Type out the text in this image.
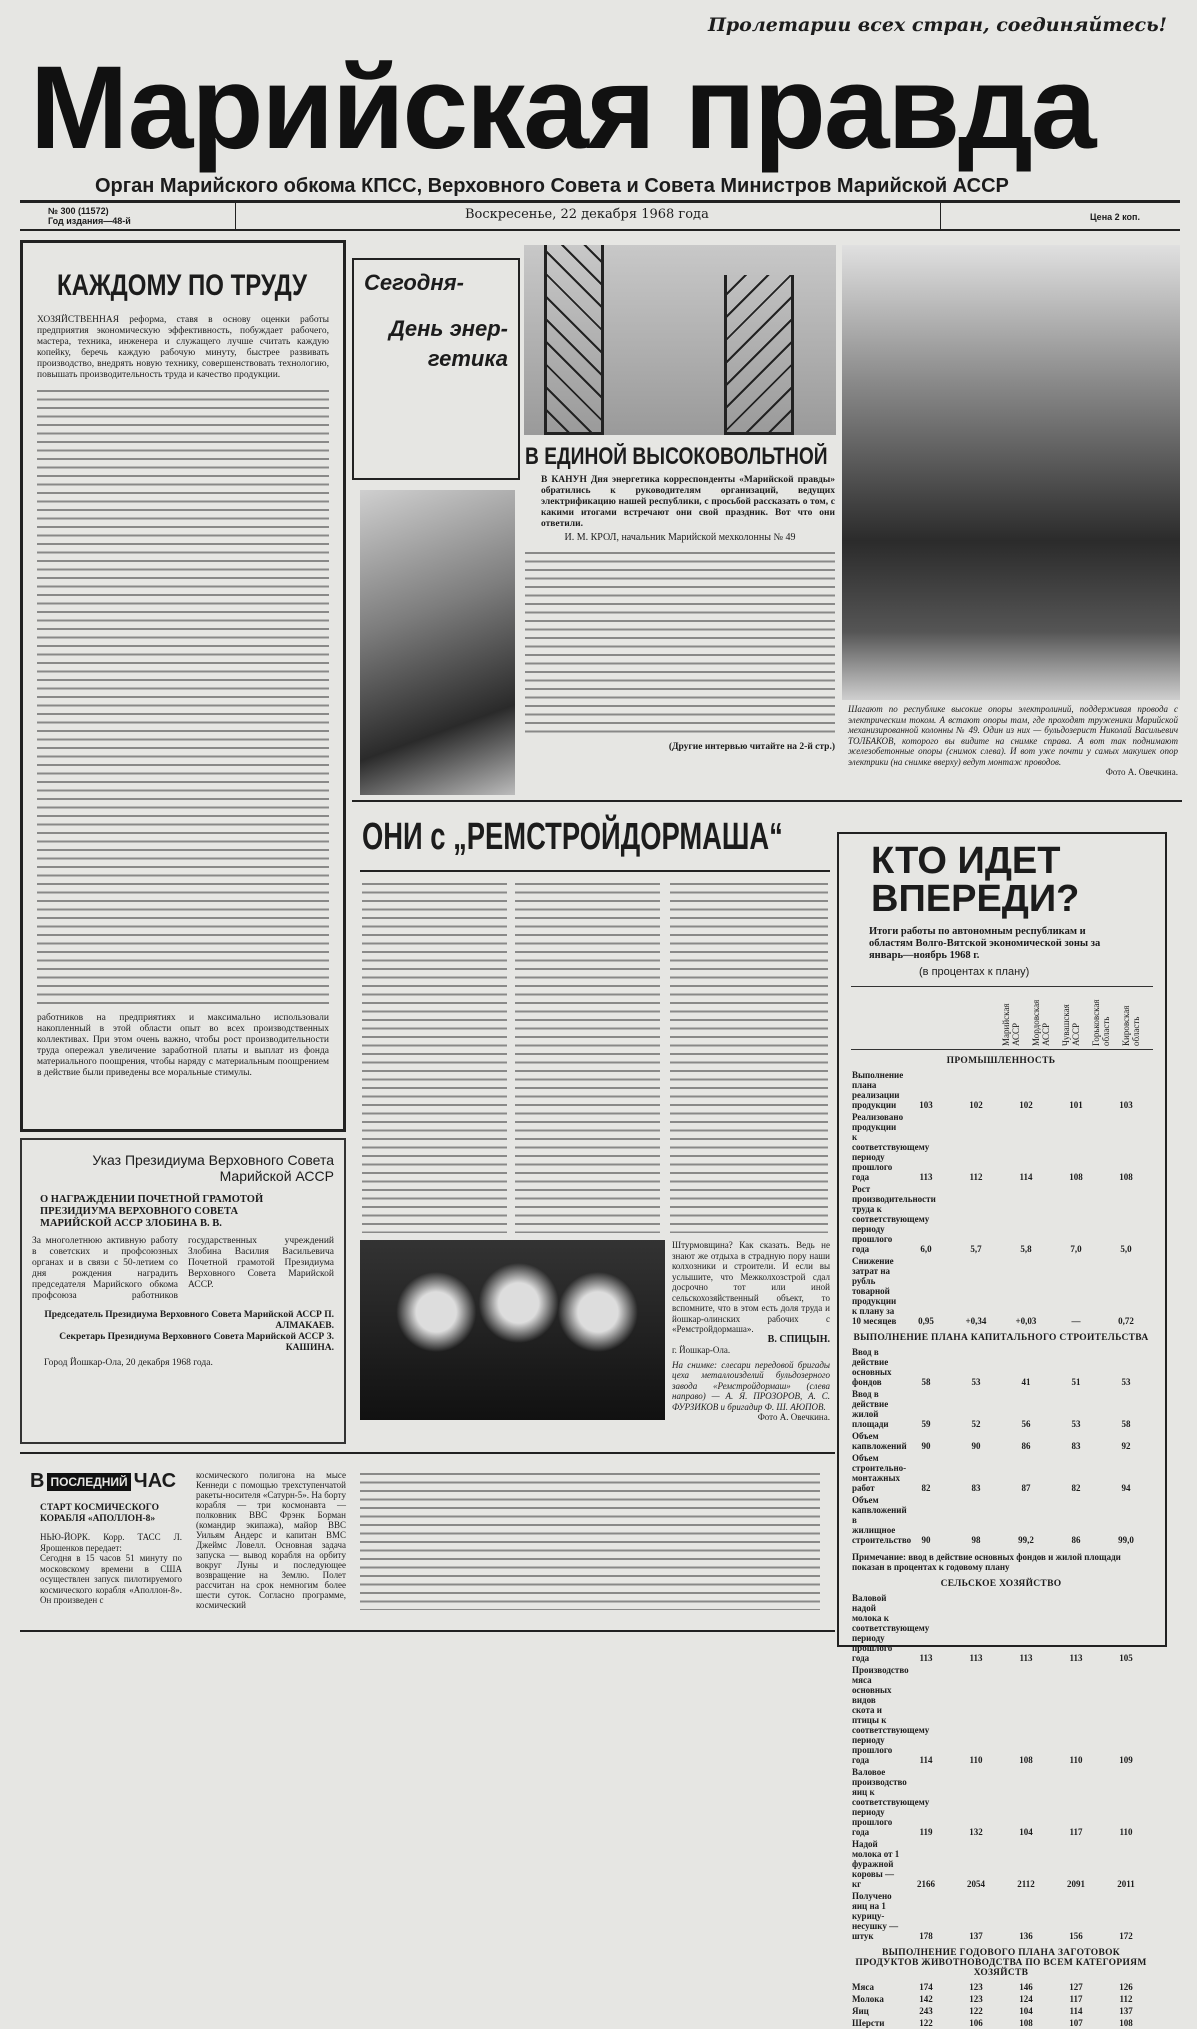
Пролетарии всех стран, соединяйтесь!
Марийская правда
Орган Марийского обкома КПСС, Верховного Совета и Совета Министров Марийской АССР
№ 300 (11572)
Год издания—48-й	Воскресенье, 22 декабря 1968 года	Цена 2 коп.
КАЖДОМУ ПО ТРУДУ
ХОЗЯЙСТВЕННАЯ реформа, ставя в основу оценки работы предприятия экономическую эффективность, побуждает рабочего, мастера, техника, инженера и служащего лучше считать каждую копейку, беречь каждую рабочую минуту, быстрее развивать производство, внедрять новую технику, совершенствовать технологию, повышать производительность труда и качество продукции.
работников на предприятиях и максимально использовали накопленный в этой области опыт во всех производственных коллективах. При этом очень важно, чтобы рост производительности труда опережал увеличение заработной платы и выплат из фонда материального поощрения, чтобы наряду с материальным поощрением в действие были приведены все моральные стимулы.
Указ Президиума Верховного Совета
Марийской АССР
О НАГРАЖДЕНИИ ПОЧЕТНОЙ ГРАМОТОЙ ПРЕЗИДИУМА ВЕРХОВНОГО СОВЕТА МАРИЙСКОЙ АССР ЗЛОБИНА В. В.
За многолетнюю активную работу в советских и профсоюзных органах и в связи с 50-летием со дня рождения наградить председателя Марийского обкома профсоюза работников государственных учреждений Злобина Василия Васильевича Почетной грамотой Президиума Верховного Совета Марийской АССР.
Председатель Президиума Верховного Совета Марийской АССР П. АЛМАКАЕВ.
Секретарь Президиума Верховного Совета Марийской АССР З. КАШИНА.
Город Йошкар-Ола, 20 декабря 1968 года.
Сегодня-
День энер-гетика
В ЕДИНОЙ ВЫСОКОВОЛЬТНОЙ
В КАНУН Дня энергетика корреспонденты «Марийской правды» обратились к руководителям организаций, ведущих электрификацию нашей республики, с просьбой рассказать о том, с какими итогами встречают они свой праздник. Вот что они ответили.
И. М. КРОЛ, начальник Марийской мехколонны № 49
(Другие интервью читайте на 2-й стр.)
Шагают по республике высокие опоры электролиний, поддерживая провода с электрическим током. А встают опоры там, где проходят труженики Марийской механизированной колонны № 49. Один из них — бульдозерист Николай Васильевич ТОЛБАКОВ, которого вы видите на снимке справа. А вот так поднимают железобетонные опоры (снимок слева). И вот уже почти у самых макушек опор электрики (на снимке вверху) ведут монтаж проводов.
Фото А. Овечкина.
ОНИ с „РЕМСТРОЙДОРМАША“
Штурмовщина? Как сказать. Ведь не знают же отдыха в страдную пору наши колхозники и строители. И если вы услышите, что Межколхозстрой сдал досрочно тот или иной сельскохозяйственный объект, то вспомните, что в этом есть доля труда и йошкар-олинских рабочих с «Ремстройдормаша».
В. СПИЦЫН.
г. Йошкар-Ола.
На снимке: слесари передовой бригады цеха металлоизделий бульдозерного завода «Ремстройдормаш» (слева направо) — А. Я. ПРОЗОРОВ, А. С. ФУРЗИКОВ и бригадир Ф. Ш. АЮПОВ.
Фото А. Овечкина.
КТО ИДЕТ ВПЕРЕДИ?
Итоги работы по автономным республикам и областям Волго-Вятской экономической зоны за январь—ноябрь 1968 г.
(в процентах к плану)
Марийская АССР	Мордовская АССР	Чувашская АССР	Горьковская область	Кировская область
ПРОМЫШЛЕННОСТЬ					
Выполнение плана реализации продукции	103	102	102	101	103
Реализовано продукции к соответствующему периоду прошлого года	113	112	114	108	108
Рост производительности труда к соответствующему периоду прошлого года	6,0	5,7	5,8	7,0	5,0
Снижение затрат на рубль товарной продукции к плану за 10 месяцев	0,95	+0,34	+0,03	—	0,72
ВЫПОЛНЕНИЕ ПЛАНА КАПИТАЛЬНОГО СТРОИТЕЛЬСТВА					
Ввод в действие основных фондов	58	53	41	51	53
Ввод в действие жилой площади	59	52	56	53	58
Объем капвложений	90	90	86	83	92
Объем строительно-монтажных работ	82	83	87	82	94
Объем капвложений в жилищное строительство	90	98	99,2	86	99,0
Примечание: ввод в действие основных фондов и жилой площади показан в процентах к годовому плану					
СЕЛЬСКОЕ ХОЗЯЙСТВО					
Валовой надой молока к соответствующему периоду прошлого года	113	113	113	113	105
Производство мяса основных видов скота и птицы к соответствующему периоду прошлого года	114	110	108	110	109
Валовое производство яиц к соответствующему периоду прошлого года	119	132	104	117	110
Надой молока от 1 фуражной коровы — кг	2166	2054	2112	2091	2011
Получено яиц на 1 курицу-несушку — штук	178	137	136	156	172
ВЫПОЛНЕНИЕ ГОДОВОГО ПЛАНА ЗАГОТОВОК ПРОДУКТОВ ЖИВОТНОВОДСТВА ПО ВСЕМ КАТЕГОРИЯМ ХОЗЯЙСТВ					
Мяса	174	123	146	127	126
Молока	142	123	124	117	112
Яиц	243	122	104	114	137
Шерсти	122	106	108	107	108
В ПОСЛЕДНИЙ ЧАС
СТАРТ КОСМИЧЕСКОГО КОРАБЛЯ «АПОЛЛОН-8»
НЬЮ-ЙОРК. Корр. ТАСС Л. Ярошенков передает:
Сегодня в 15 часов 51 минуту по московскому времени в США осуществлен запуск пилотируемого космического корабля «Аполлон-8». Он произведен с
космического полигона на мысе Кеннеди с помощью трехступенчатой ракеты-носителя «Сатурн-5». На борту корабля — три космонавта — полковник ВВС Фрэнк Борман (командир экипажа), майор ВВС Уильям Андерс и капитан ВМС Джеймс Ловелл. Основная задача запуска — вывод корабля на орбиту вокруг Луны и последующее возвращение на Землю. Полет рассчитан на срок немногим более шести суток. Согласно программе, космический
